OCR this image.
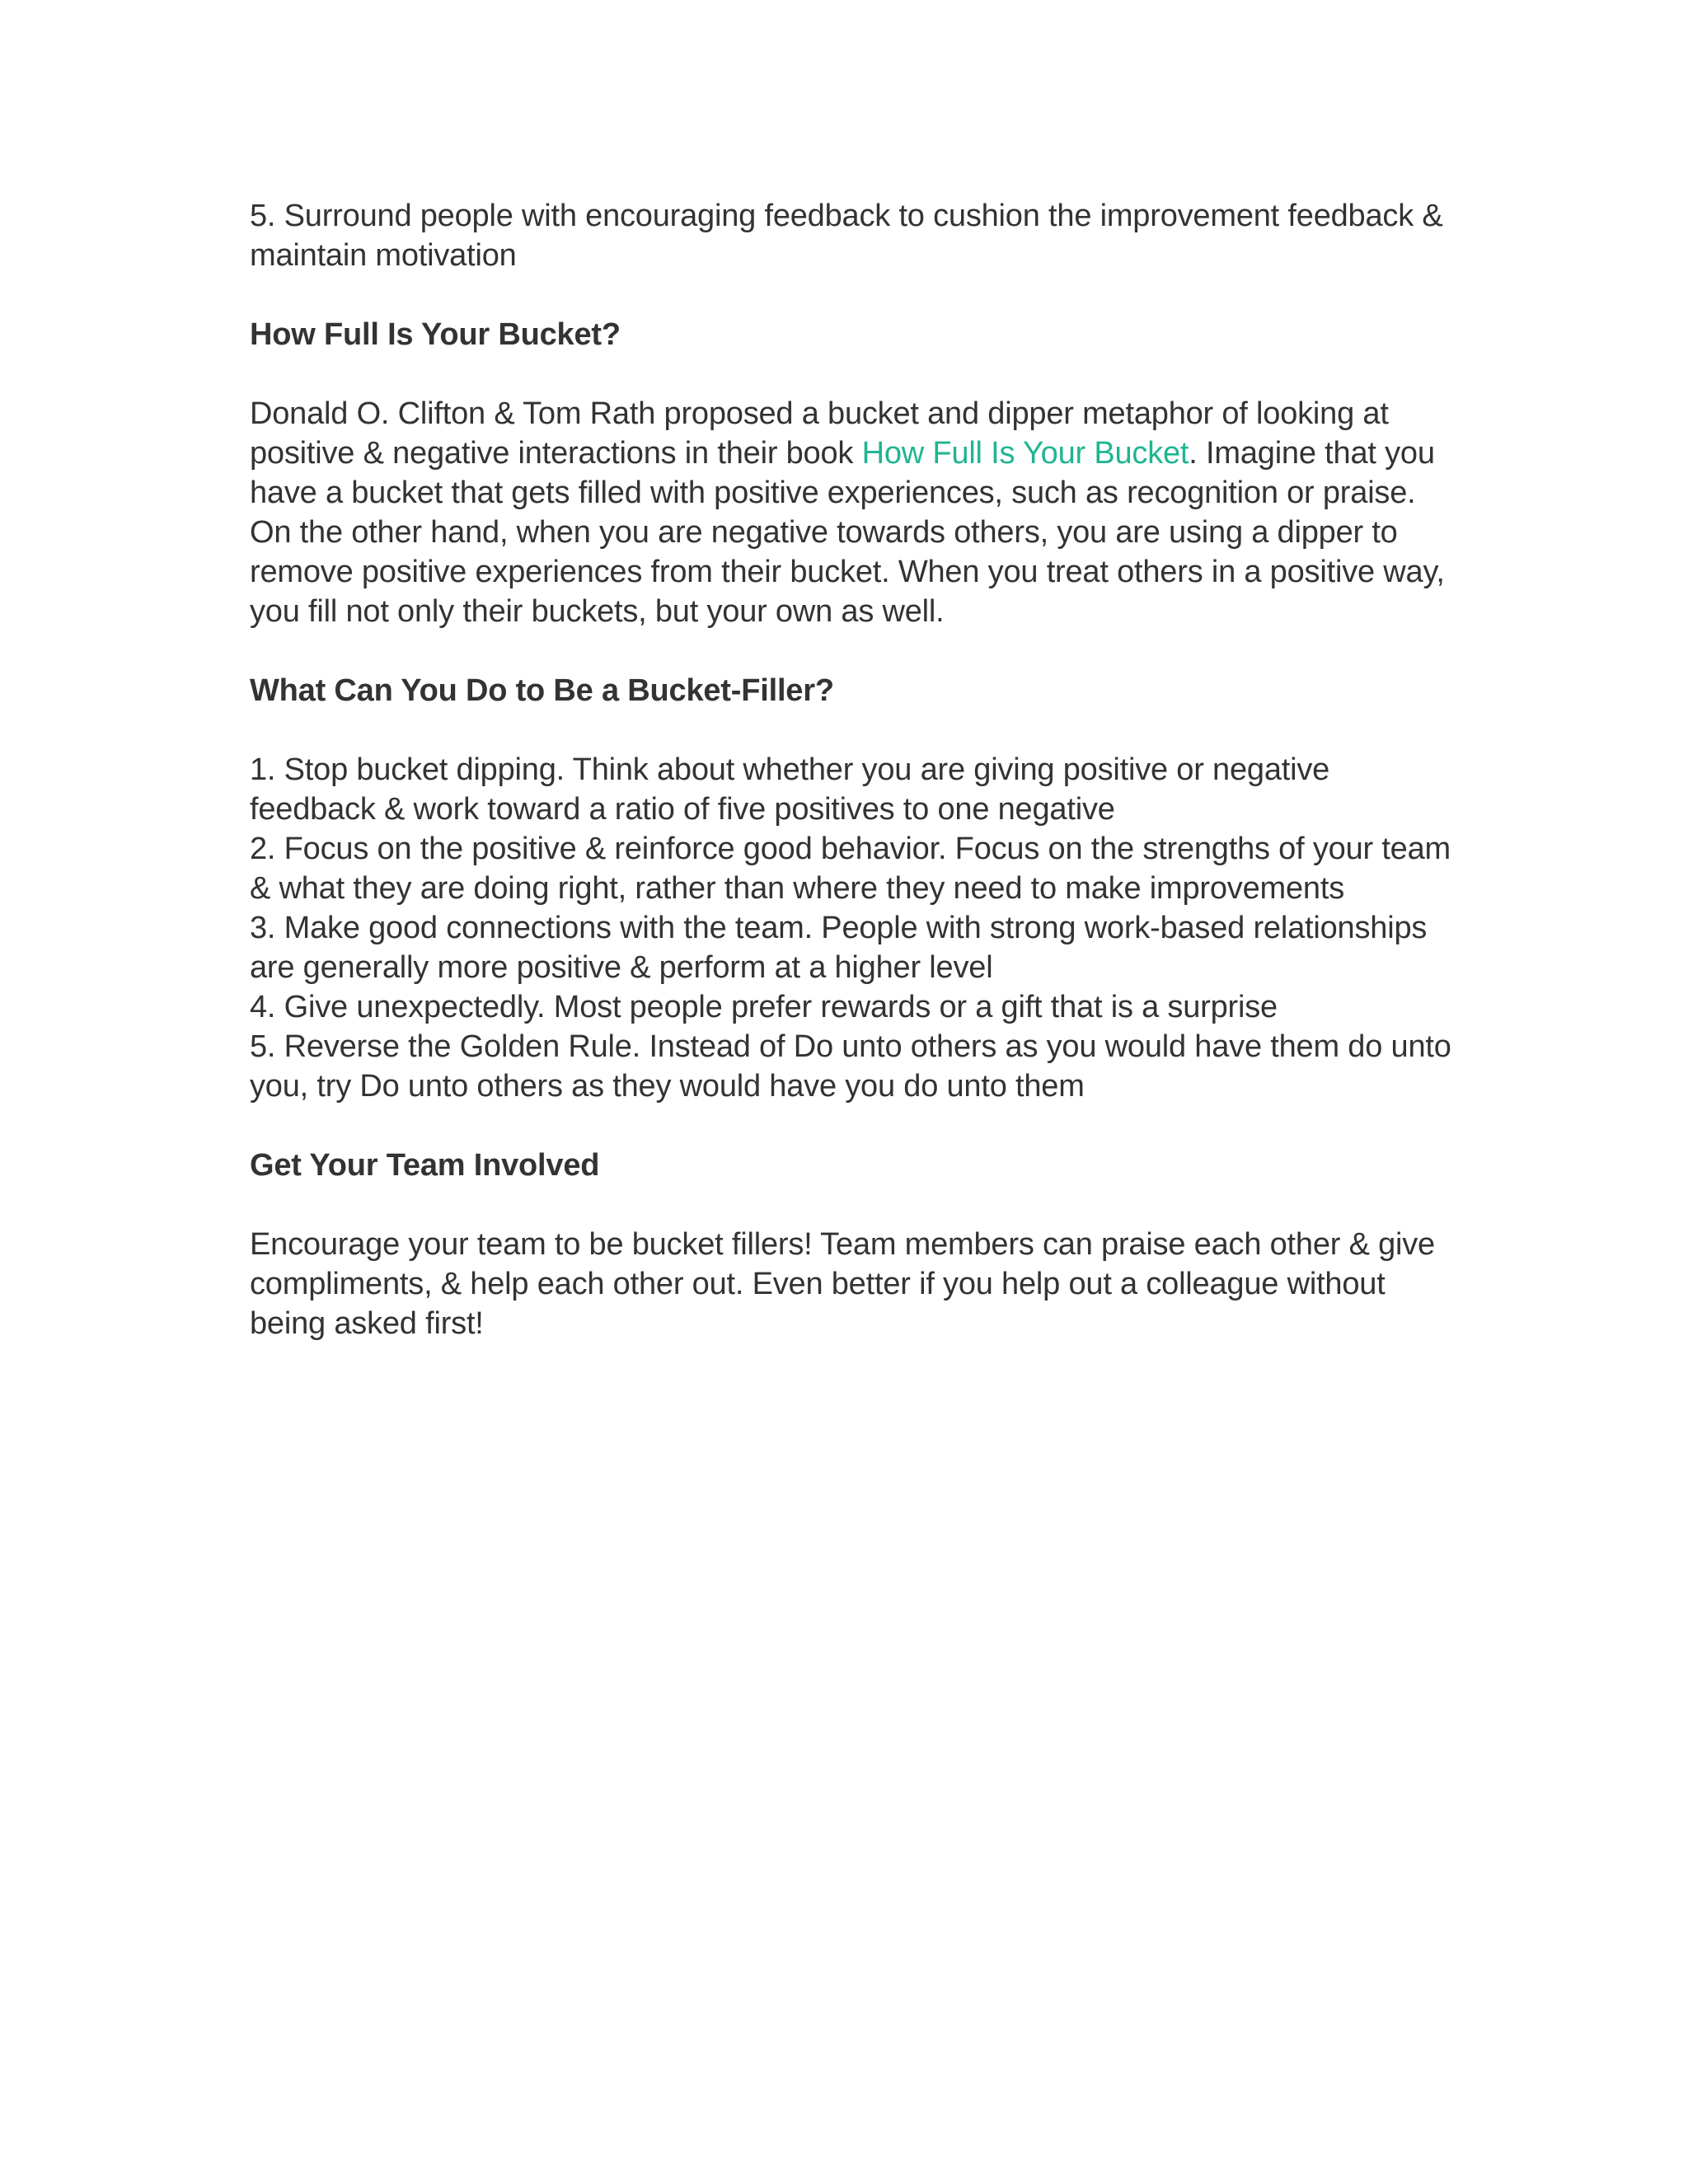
5. Surround people with encouraging feedback to cushion the improvement feedback & maintain motivation

How Full Is Your Bucket?

Donald O. Clifton & Tom Rath proposed a bucket and dipper metaphor of looking at positive & negative interactions in their book How Full Is Your Bucket. Imagine that you have a bucket that gets filled with positive experiences, such as recognition or praise. On the other hand, when you are negative towards others, you are using a dipper to remove positive experiences from their bucket. When you treat others in a positive way, you fill not only their buckets, but your own as well.

What Can You Do to Be a Bucket-Filler?
1. Stop bucket dipping. Think about whether you are giving positive or negative feedback & work toward a ratio of five positives to one negative
2. Focus on the positive & reinforce good behavior. Focus on the strengths of your team & what they are doing right, rather than where they need to make improvements
3. Make good connections with the team. People with strong work-based relationships are generally more positive & perform at a higher level
4. Give unexpectedly. Most people prefer rewards or a gift that is a surprise
5. Reverse the Golden Rule. Instead of Do unto others as you would have them do unto you, try Do unto others as they would have you do unto them
Get Your Team Involved

Encourage your team to be bucket fillers! Team members can praise each other & give compliments, & help each other out. Even better if you help out a colleague without being asked first!
